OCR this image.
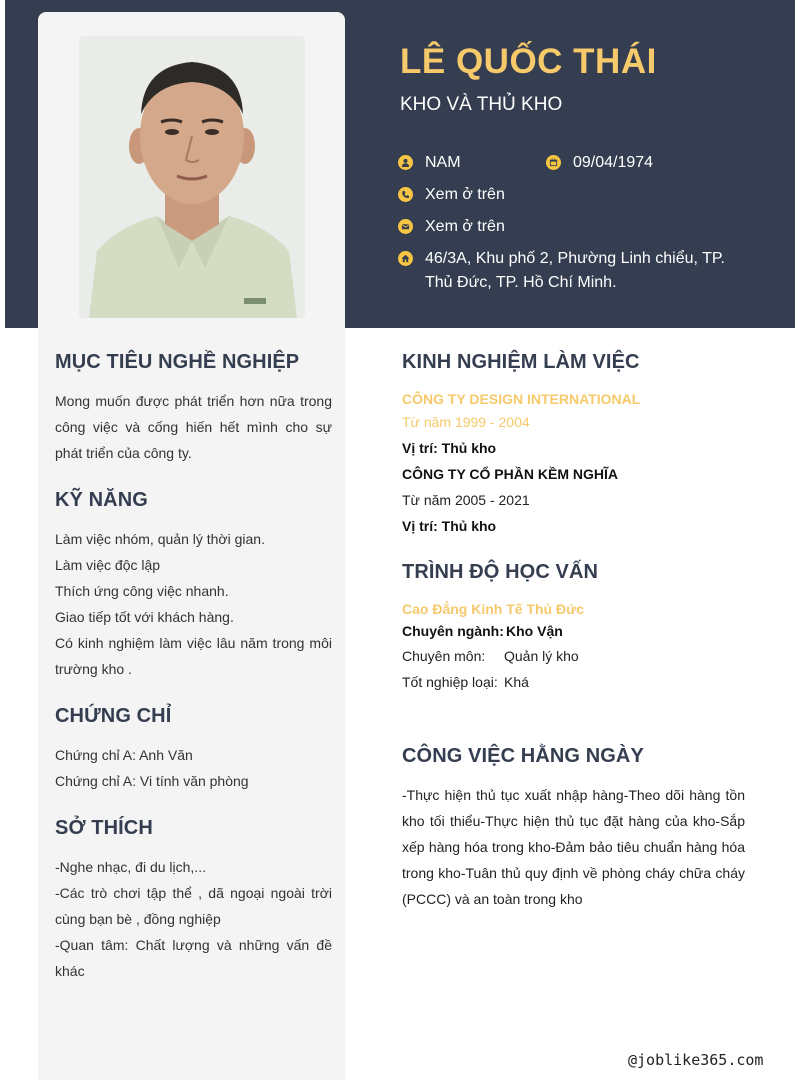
LÊ QUỐC THÁI
KHO VÀ THỦ KHO
NAM	09/04/1974
Xem ở trên
Xem ở trên
46/3A, Khu phố 2, Phường Linh chiểu, TP. Thủ Đức, TP. Hồ Chí Minh.
MỤC TIÊU NGHỀ NGHIỆP
Mong muốn được phát triển hơn nữa trong công việc và cống hiến hết mình cho sự phát triển của công ty.
KỸ NĂNG
Làm việc nhóm, quản lý thời gian.
Làm việc độc lập
Thích ứng công việc nhanh.
Giao tiếp tốt với khách hàng.
Có kinh nghiệm làm việc lâu năm trong môi trường kho .
CHỨNG CHỈ
Chứng chỉ A: Anh Văn
Chứng chỉ A: Vi tính văn phòng
SỞ THÍCH
-Nghe nhạc, đi du lịch,...
-Các trò chơi tập thể , dã ngoại ngoài trời cùng bạn bè , đồng nghiệp
-Quan tâm: Chất lượng và những vấn đề khác
KINH NGHIỆM LÀM VIỆC
CÔNG TY DESIGN INTERNATIONAL
Từ năm 1999 - 2004
Vị trí: Thủ kho
CÔNG TY CỔ PHẦN KỀM NGHĨA
Từ năm 2005 - 2021
Vị trí: Thủ kho
TRÌNH ĐỘ HỌC VẤN
Cao Đẳng Kinh Tế Thủ Đức
Chuyên ngành: Kho Vận
Chuyên môn: Quản lý kho
Tốt nghiệp loại: Khá
CÔNG VIỆC HẰNG NGÀY
-Thực hiện thủ tục xuất nhập hàng-Theo dõi hàng tồn kho tối thiểu-Thực hiện thủ tục đặt hàng của kho-Sắp xếp hàng hóa trong kho-Đảm bảo tiêu chuẩn hàng hóa trong kho-Tuân thủ quy định về phòng cháy chữa cháy (PCCC) và an toàn trong kho
@joblike365.com
